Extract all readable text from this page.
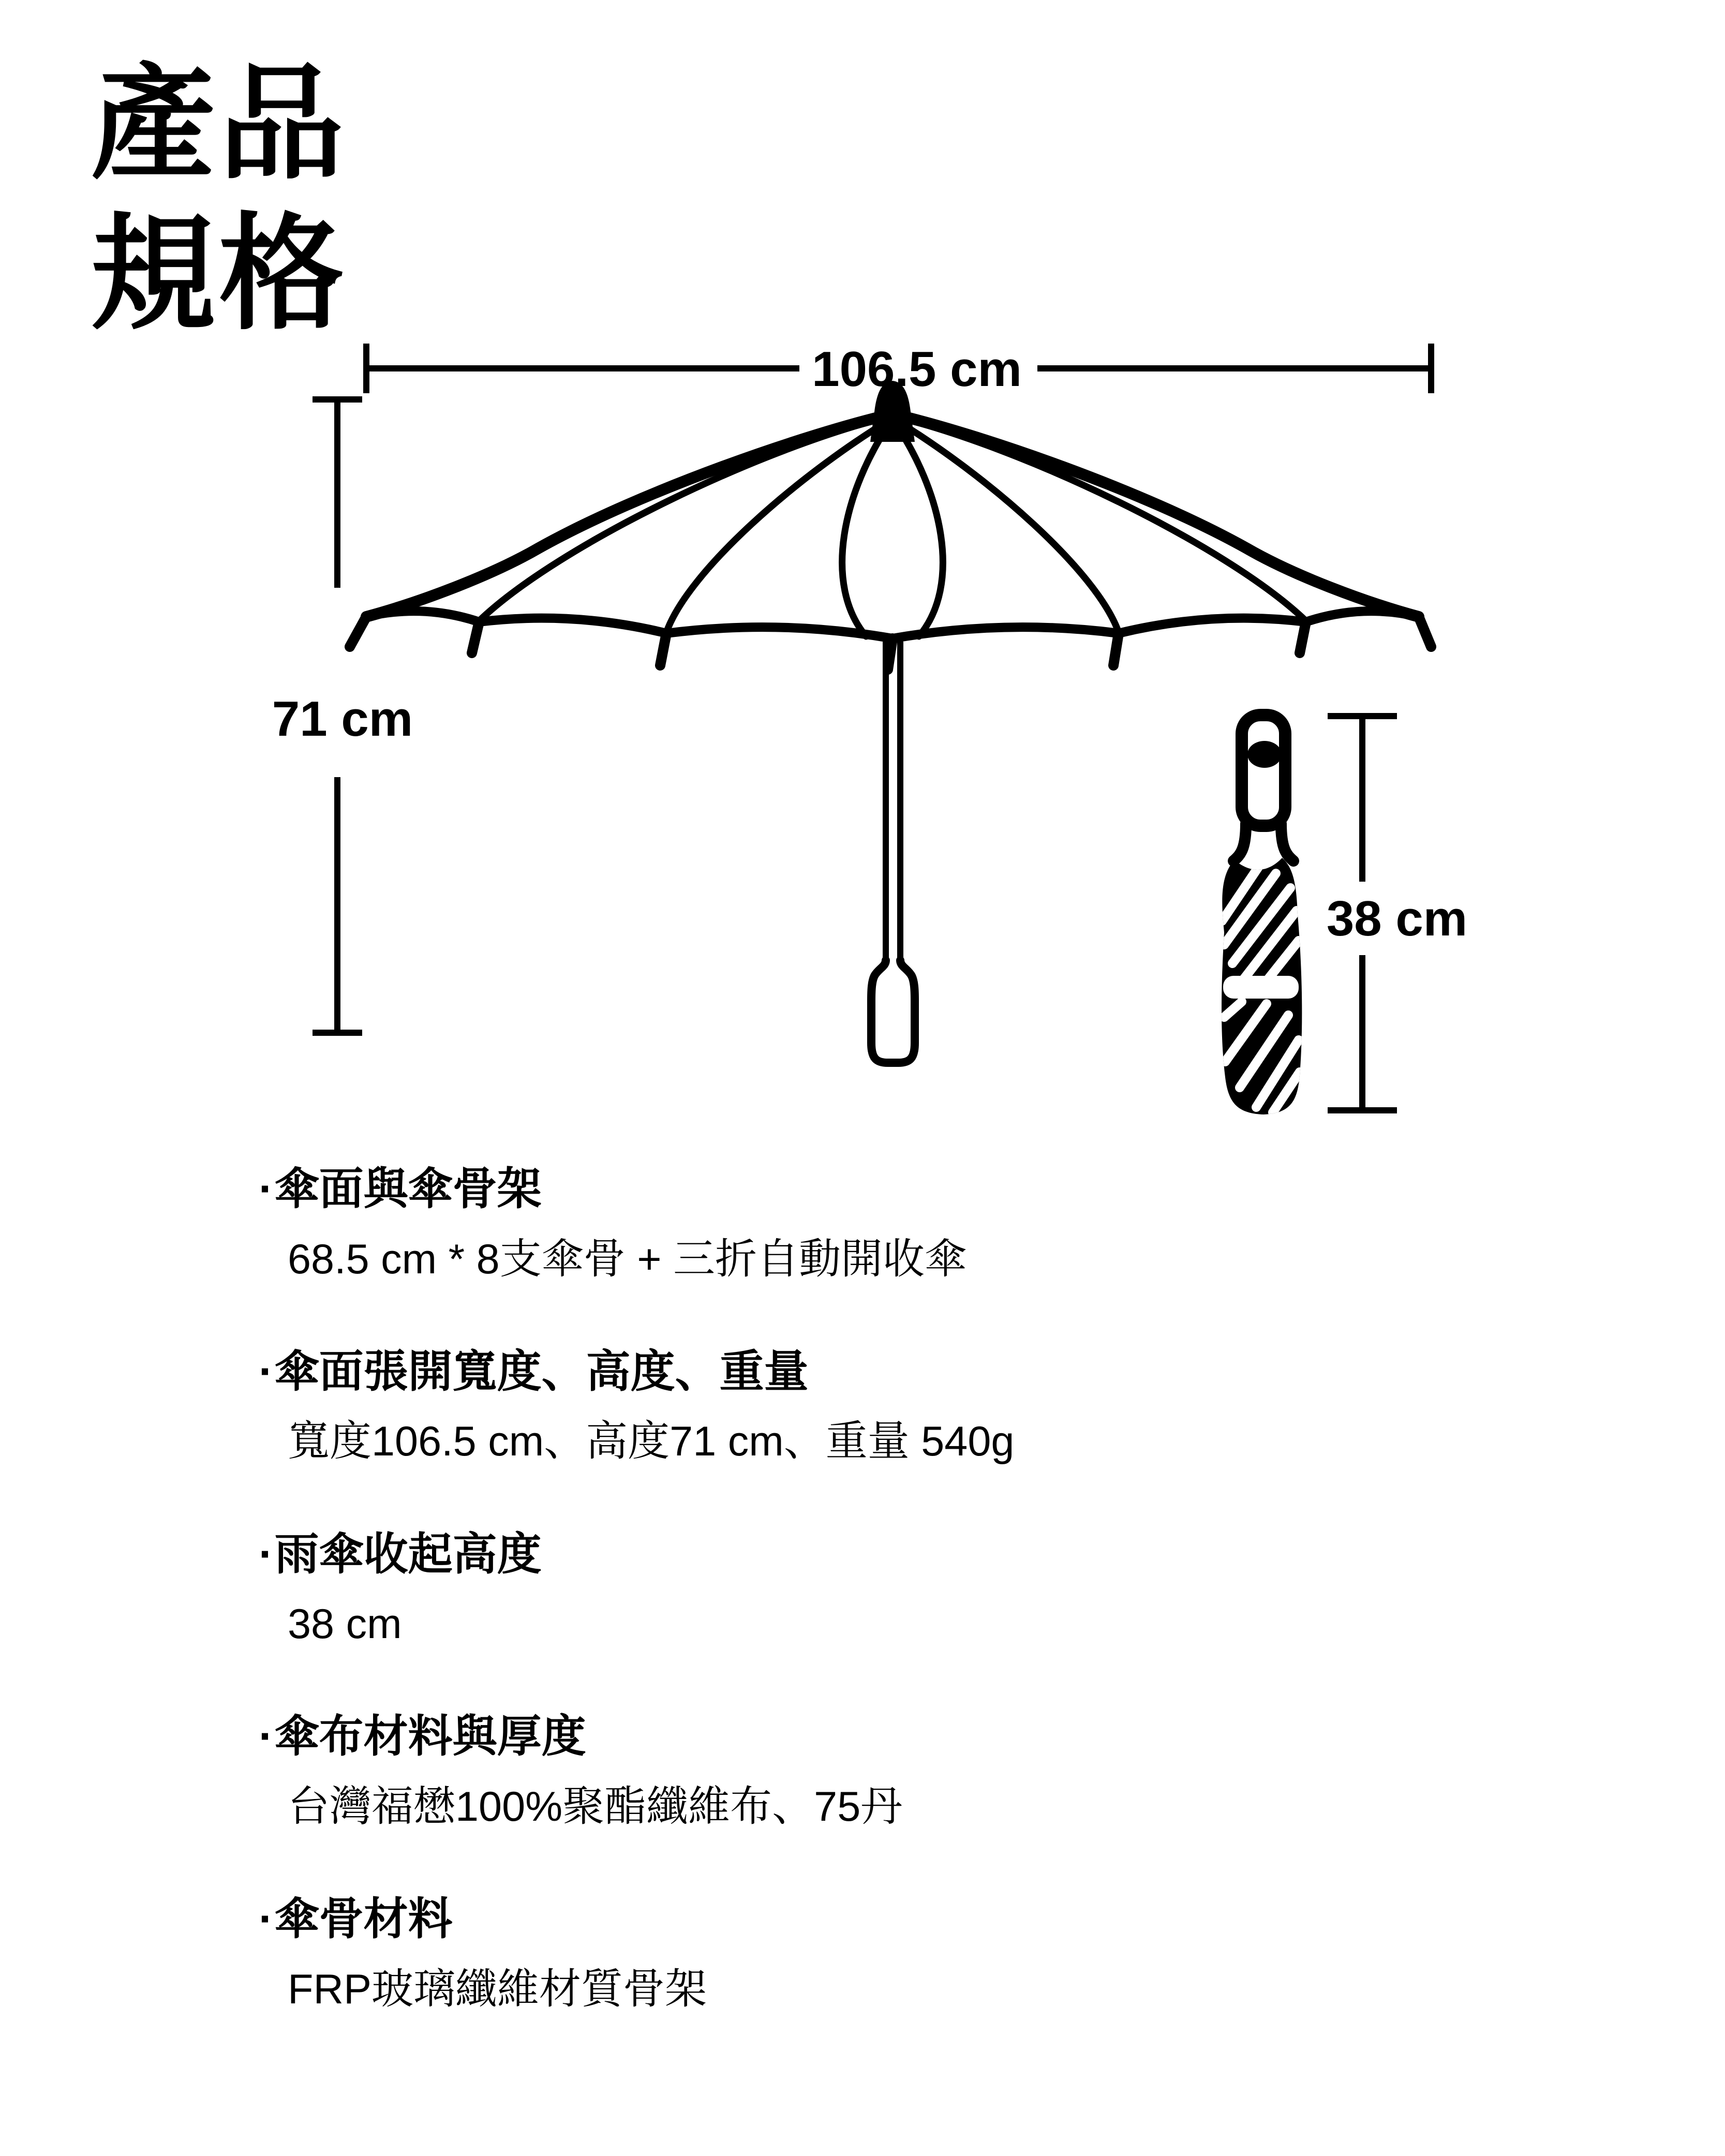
產品
規格
106.5 cm
71 cm
38 cm
·傘面與傘骨架
68.5 cm * 8支傘骨 + 三折自動開收傘
·傘面張開寬度、高度、重量
寬度106.5 cm、高度71 cm、重量 540g
·雨傘收起高度
38 cm
·傘布材料與厚度
台灣福懋100%聚酯纖維布、75丹
·傘骨材料
FRP玻璃纖維材質骨架
